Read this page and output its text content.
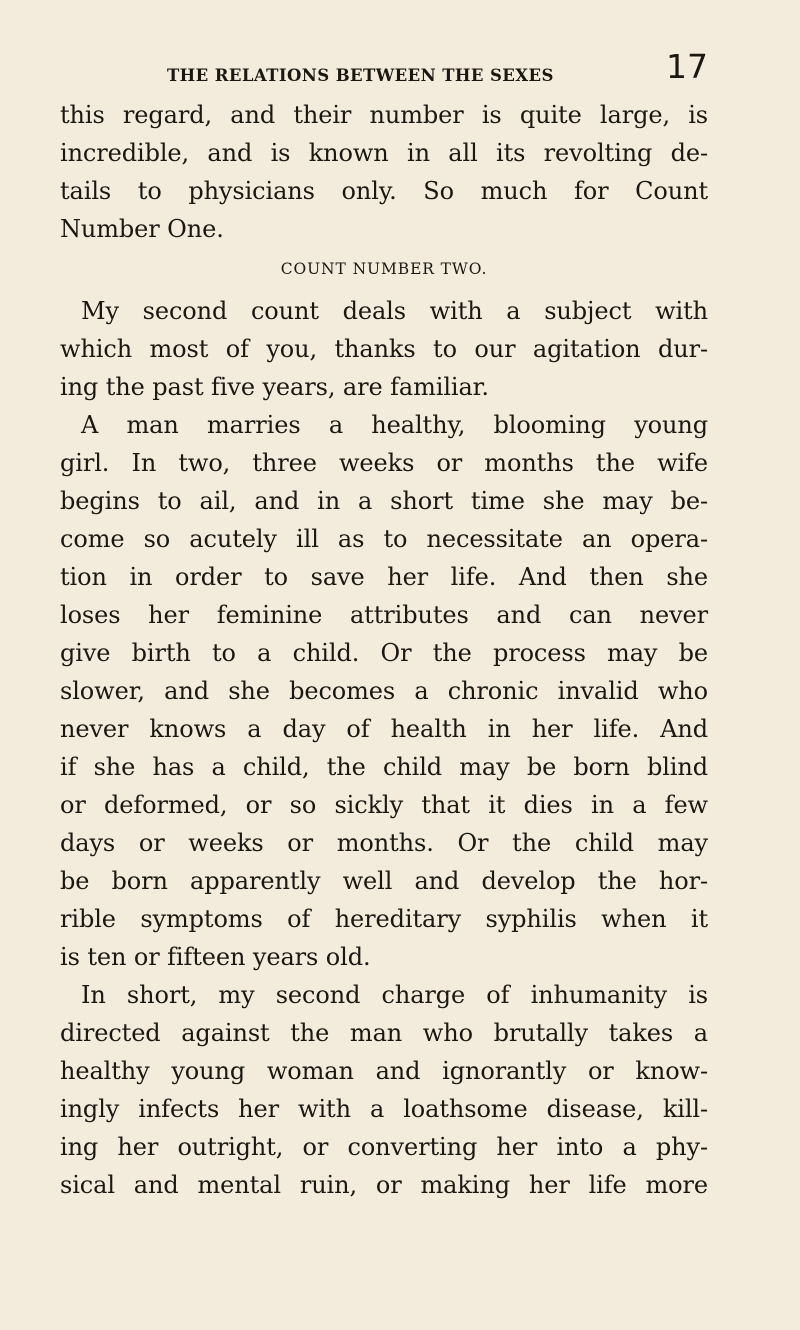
THE RELATIONS BETWEEN THE SEXES	17
this regard, and their number is quite large, is
incredible, and is known in all its revolting de-
tails to physicians only. So much for Count
Number One.
COUNT NUMBER TWO.
My second count deals with a subject with
which most of you, thanks to our agitation dur-
ing the past five years, are familiar.
A man marries a healthy, blooming young
girl. In two, three weeks or months the wife
begins to ail, and in a short time she may be-
come so acutely ill as to necessitate an opera-
tion in order to save her life. And then she
loses her feminine attributes and can never
give birth to a child. Or the process may be
slower, and she becomes a chronic invalid who
never knows a day of health in her life. And
if she has a child, the child may be born blind
or deformed, or so sickly that it dies in a few
days or weeks or months. Or the child may
be born apparently well and develop the hor-
rible symptoms of hereditary syphilis when it
is ten or fifteen years old.
In short, my second charge of inhumanity is
directed against the man who brutally takes a
healthy young woman and ignorantly or know-
ingly infects her with a loathsome disease, kill-
ing her outright, or converting her into a phy-
sical and mental ruin, or making her life more
